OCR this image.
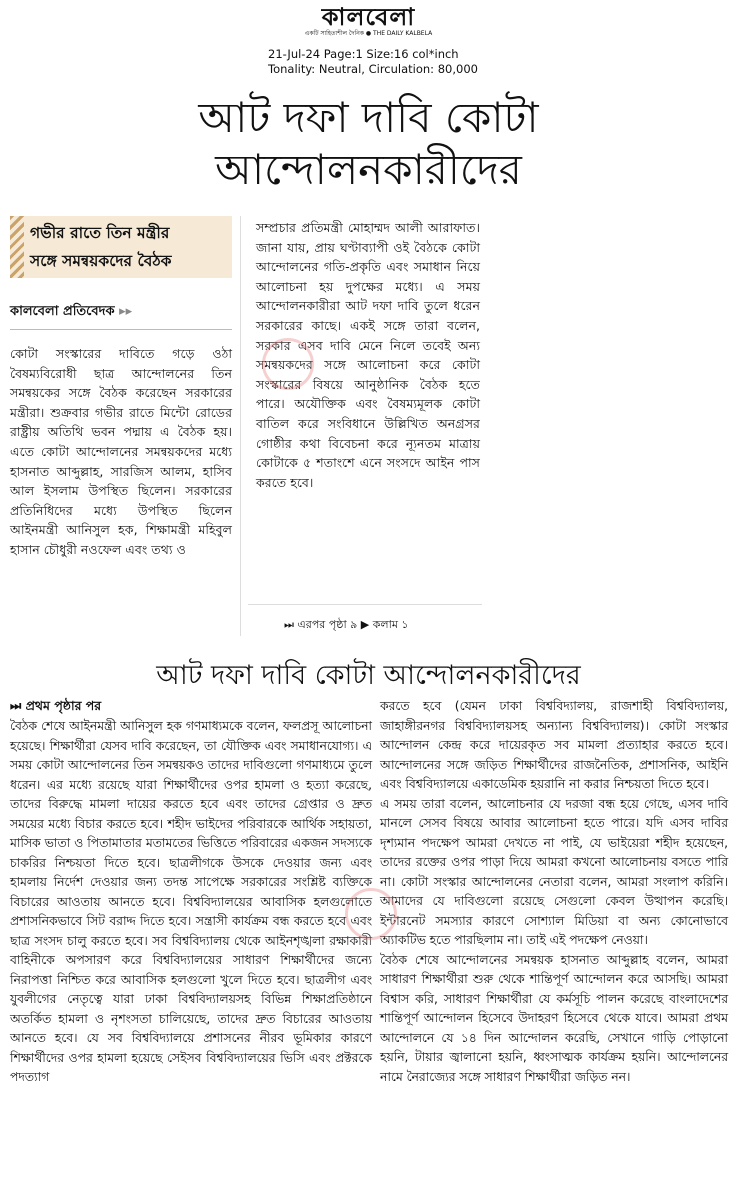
কালবেলা
একটি সাহিত্যশীল দৈনিক ● THE DAILY KALBELA
21-Jul-24 Page:1 Size:16 col*inch
Tonality: Neutral, Circulation: 80,000
আট দফা দাবি কোটা
আন্দোলনকারীদের
গভীর রাতে তিন মন্ত্রীর
সঙ্গে সমন্বয়কদের বৈঠক
কালবেলা প্রতিবেদক ▸▸
কোটা সংস্কারের দাবিতে গড়ে ওঠা বৈষম্যবিরোধী ছাত্র আন্দোলনের তিন সমন্বয়কের সঙ্গে বৈঠক করেছেন সরকারের মন্ত্রীরা। শুক্রবার গভীর রাতে মিন্টো রোডের রাষ্ট্রীয় অতিথি ভবন পদ্মায় এ বৈঠক হয়। এতে কোটা আন্দোলনের সমন্বয়কদের মধ্যে হাসনাত আব্দুল্লাহ, সারজিস আলম, হাসিব আল ইসলাম উপস্থিত ছিলেন। সরকারের প্রতিনিধিদের মধ্যে উপস্থিত ছিলেন আইনমন্ত্রী আনিসুল হক, শিক্ষামন্ত্রী মহিবুল হাসান চৌধুরী নওফেল এবং তথ্য ও
সম্প্রচার প্রতিমন্ত্রী মোহাম্মদ আলী আরাফাত। জানা যায়, প্রায় ঘণ্টাব্যাপী ওই বৈঠকে কোটা আন্দোলনের গতি-প্রকৃতি এবং সমাধান নিয়ে আলোচনা হয় দুপক্ষের মধ্যে। এ সময় আন্দোলনকারীরা আট দফা দাবি তুলে ধরেন সরকারের কাছে। একই সঙ্গে তারা বলেন, সরকার এসব দাবি মেনে নিলে তবেই অন্য সমন্বয়কদের সঙ্গে আলোচনা করে কোটা সংস্কারের বিষয়ে আনুষ্ঠানিক বৈঠক হতে পারে। অযৌক্তিক এবং বৈষম্যমূলক কোটা বাতিল করে সংবিধানে উল্লিখিত অনগ্রসর গোষ্ঠীর কথা বিবেচনা করে ন্যূনতম মাত্রায় কোটাকে ৫ শতাংশে এনে সংসদে আইন পাস করতে হবে।
⏭ এরপর পৃষ্ঠা ৯ ▶ কলাম ১
আট দফা দাবি কোটা আন্দোলনকারীদের
⏭ প্রথম পৃষ্ঠার পর
বৈঠক শেষে আইনমন্ত্রী আনিসুল হক গণমাধ্যমকে বলেন, ফলপ্রসূ আলোচনা হয়েছে। শিক্ষার্থীরা যেসব দাবি করেছেন, তা যৌক্তিক এবং সমাধানযোগ্য। এ সময় কোটা আন্দোলনের তিন সমন্বয়কও তাদের দাবিগুলো গণমাধ্যমে তুলে ধরেন। এর মধ্যে রয়েছে যারা শিক্ষার্থীদের ওপর হামলা ও হত্যা করেছে, তাদের বিরুদ্ধে মামলা দায়ের করতে হবে এবং তাদের গ্রেপ্তার ও দ্রুত সময়ের মধ্যে বিচার করতে হবে। শহীদ ভাইদের পরিবারকে আর্থিক সহায়তা, মাসিক ভাতা ও পিতামাতার মতামতের ভিত্তিতে পরিবারের একজন সদস্যকে চাকরির নিশ্চয়তা দিতে হবে। ছাত্রলীগকে উসকে দেওয়ার জন্য এবং হামলায় নির্দেশ দেওয়ার জন্য তদন্ত সাপেক্ষে সরকারের সংশ্লিষ্ট ব্যক্তিকে বিচারের আওতায় আনতে হবে। বিশ্ববিদ্যালয়ের আবাসিক হলগুলোতে প্রশাসনিকভাবে সিট বরাদ্দ দিতে হবে। সন্ত্রাসী কার্যক্রম বন্ধ করতে হবে এবং ছাত্র সংসদ চালু করতে হবে। সব বিশ্ববিদ্যালয় থেকে আইনশৃঙ্খলা রক্ষাকারী বাহিনীকে অপসারণ করে বিশ্ববিদ্যালয়ের সাধারণ শিক্ষার্থীদের জন্যে নিরাপত্তা নিশ্চিত করে আবাসিক হলগুলো খুলে দিতে হবে। ছাত্রলীগ এবং যুবলীগের নেতৃত্বে যারা ঢাকা বিশ্ববিদ্যালয়সহ বিভিন্ন শিক্ষাপ্রতিষ্ঠানে অতর্কিত হামলা ও নৃশংসতা চালিয়েছে, তাদের দ্রুত বিচারের আওতায় আনতে হবে। যে সব বিশ্ববিদ্যালয়ে প্রশাসনের নীরব ভূমিকার কারণে শিক্ষার্থীদের ওপর হামলা হয়েছে সেইসব বিশ্ববিদ্যালয়ের ভিসি এবং প্রক্টরকে পদত্যাগ

করতে হবে (যেমন ঢাকা বিশ্ববিদ্যালয়, রাজশাহী বিশ্ববিদ্যালয়, জাহাঙ্গীরনগর বিশ্ববিদ্যালয়সহ অন্যান্য বিশ্ববিদ্যালয়)। কোটা সংস্কার আন্দোলন কেন্দ্র করে দায়েরকৃত সব মামলা প্রত্যাহার করতে হবে। আন্দোলনের সঙ্গে জড়িত শিক্ষার্থীদের রাজনৈতিক, প্রশাসনিক, আইনি এবং বিশ্ববিদ্যালয়ে একাডেমিক হয়রানি না করার নিশ্চয়তা দিতে হবে।

এ সময় তারা বলেন, আলোচনার যে দরজা বন্ধ হয়ে গেছে, এসব দাবি মানলে সেসব বিষয়ে আবার আলোচনা হতে পারে। যদি এসব দাবির দৃশ্যমান পদক্ষেপ আমরা দেখতে না পাই, যে ভাইয়েরা শহীদ হয়েছেন, তাদের রক্তের ওপর পাড়া দিয়ে আমরা কখনো আলোচনায় বসতে পারি না। কোটা সংস্কার আন্দোলনের নেতারা বলেন, আমরা সংলাপ করিনি। আমাদের যে দাবিগুলো রয়েছে সেগুলো কেবল উত্থাপন করেছি। ইন্টারনেট সমস্যার কারণে সোশ্যাল মিডিয়া বা অন্য কোনোভাবে অ্যাকটিভ হতে পারছিলাম না। তাই এই পদক্ষেপ নেওয়া।

বৈঠক শেষে আন্দোলনের সমন্বয়ক হাসনাত আব্দুল্লাহ বলেন, আমরা সাধারণ শিক্ষার্থীরা শুরু থেকে শান্তিপূর্ণ আন্দোলন করে আসছি। আমরা বিশ্বাস করি, সাধারণ শিক্ষার্থীরা যে কর্মসূচি পালন করেছে বাংলাদেশের শান্তিপূর্ণ আন্দোলন হিসেবে উদাহরণ হিসেবে থেকে যাবে। আমরা প্রথম আন্দোলনে যে ১৪ দিন আন্দোলন করেছি, সেখানে গাড়ি পোড়ানো হয়নি, টায়ার জ্বালানো হয়নি, ধ্বংসাত্মক কার্যক্রম হয়নি। আন্দোলনের নামে নৈরাজ্যের সঙ্গে সাধারণ শিক্ষার্থীরা জড়িত নন।
